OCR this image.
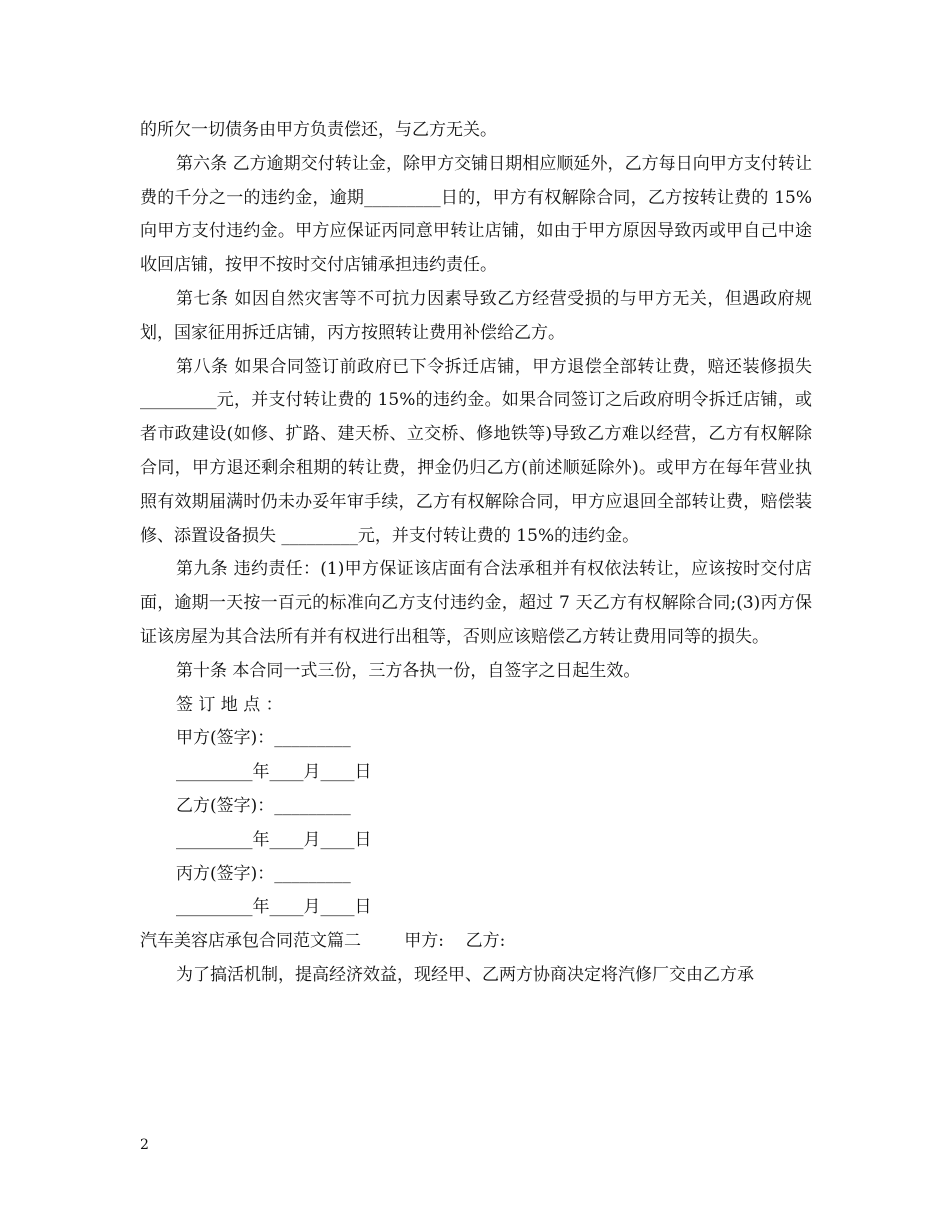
的所欠一切债务由甲方负责偿还，与乙方无关。

第六条 乙方逾期交付转让金，除甲方交铺日期相应顺延外，乙方每日向甲方支付转让费的千分之一的违约金，逾期_________日的，甲方有权解除合同，乙方按转让费的 15%向甲方支付违约金。甲方应保证丙同意甲转让店铺，如由于甲方原因导致丙或甲自己中途收回店铺，按甲不按时交付店铺承担违约责任。

第七条 如因自然灾害等不可抗力因素导致乙方经营受损的与甲方无关，但遇政府规划，国家征用拆迁店铺，丙方按照转让费用补偿给乙方。

第八条 如果合同签订前政府已下令拆迁店铺，甲方退偿全部转让费，赔还装修损失_________元，并支付转让费的 15%的违约金。如果合同签订之后政府明令拆迁店铺，或者市政建设(如修、扩路、建天桥、立交桥、修地铁等)导致乙方难以经营，乙方有权解除 合同，甲方退还剩余租期的转让费，押金仍归乙方(前述顺延除外)。或甲方在每年营业执照有效期届满时仍未办妥年审手续，乙方有权解除合同，甲方应退回全部转让费，赔偿装修、添置设备损失 _________元，并支付转让费的 15%的违约金。

第九条 违约责任：(1)甲方保证该店面有合法承租并有权依法转让，应该按时交付店面，逾期一天按一百元的标准向乙方支付违约金，超过 7 天乙方有权解除合同;(3)丙方保证该房屋为其合法所有并有权进行出租等，否则应该赔偿乙方转让费用同等的损失。

第十条 本合同一式三份，三方各执一份，自签字之日起生效。

签 订 地 点 ：

甲方(签字)：_________

_________年____月____日

乙方(签字)：_________

_________年____月____日

丙方(签字)：_________

_________年____月____日

汽车美容店承包合同范文篇二        甲方:    乙方:

为了搞活机制，提高经济效益，现经甲、乙两方协商决定将汽修厂交由乙方承

2
